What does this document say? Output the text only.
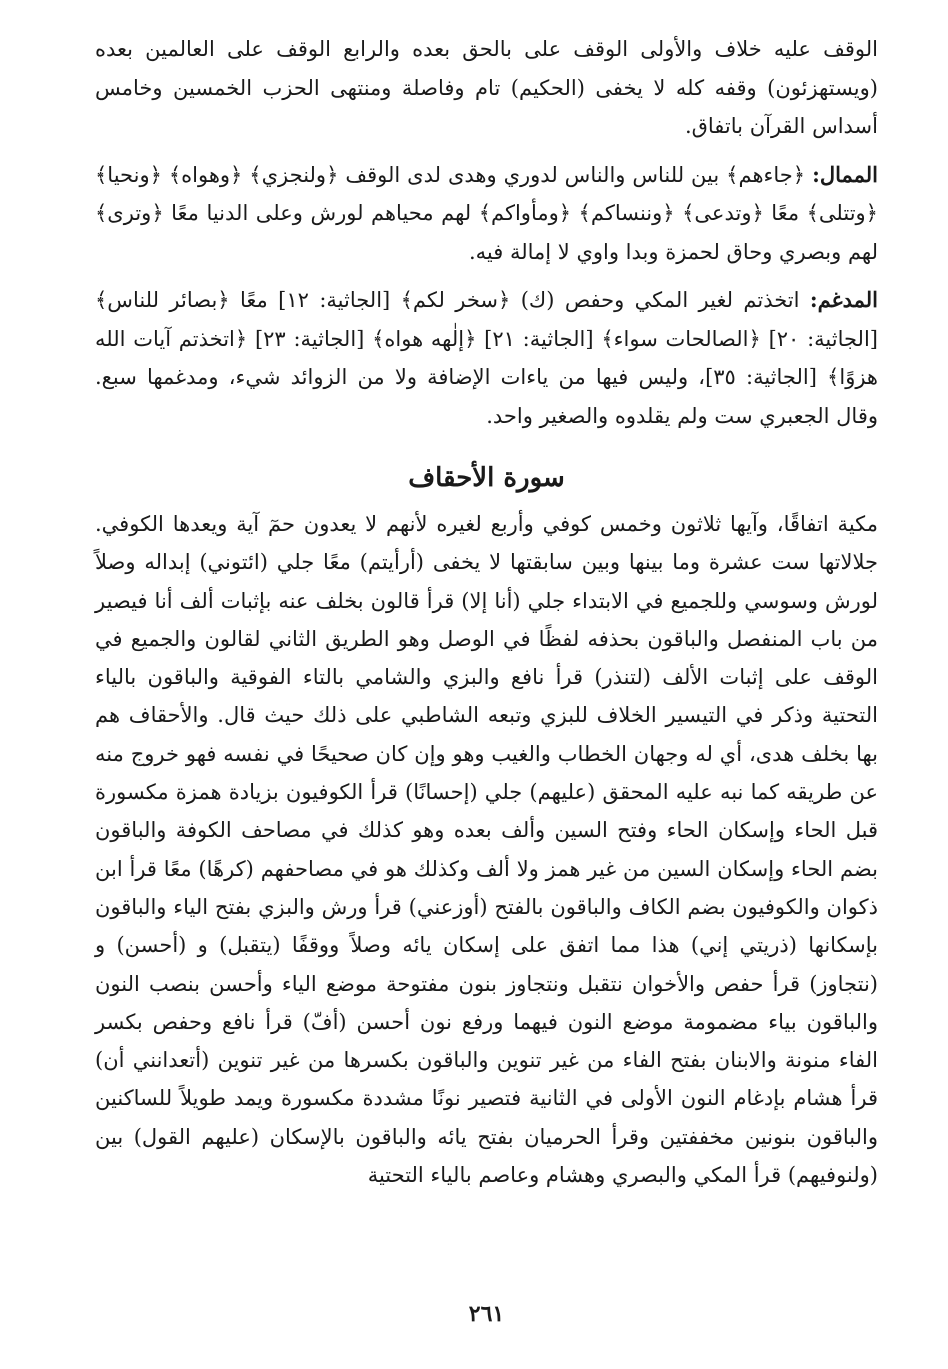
الوقف عليه خلاف والأولى الوقف على بالحق بعده والرابع الوقف على العالمين بعده (ويستهزئون) وقفه كله لا يخفى (الحكيم) تام وفاصلة ومنتهى الحزب الخمسين وخامس أسداس القرآن باتفاق.

الممال: ﴿جاءهم﴾ بين للناس والناس لدوري وهدى لدى الوقف ﴿ولنجزي﴾ ﴿وهواه﴾ ﴿ونحيا﴾ ﴿وتتلى﴾ معًا ﴿وتدعى﴾ ﴿وننساكم﴾ ﴿ومأواكم﴾ لهم محياهم لورش وعلى الدنيا معًا ﴿وترى﴾ لهم وبصري وحاق لحمزة وبدا واوي لا إمالة فيه.

المدغم: اتخذتم لغير المكي وحفص (ك) ﴿سخر لكم﴾ [الجاثية: ١٢] معًا ﴿بصائر للناس﴾ [الجاثية: ٢٠] ﴿الصالحات سواء﴾ [الجاثية: ٢١] ﴿إلٰهه هواه﴾ [الجاثية: ٢٣] ﴿اتخذتم آيات الله هزوًا﴾ [الجاثية: ٣٥]، وليس فيها من ياءات الإضافة ولا من الزوائد شيء، ومدغمها سبع. وقال الجعبري ست ولم يقلدوه والصغير واحد.

سورة الأحقاف

مكية اتفاقًا، وآيها ثلاثون وخمس كوفي وأربع لغيره لأنهم لا يعدون حمٓ آية ويعدها الكوفي. جلالاتها ست عشرة وما بينها وبين سابقتها لا يخفى (أرأيتم) معًا جلي (ائتوني) إبداله وصلاً لورش وسوسي وللجميع في الابتداء جلي (أنا إلا) قرأ قالون بخلف عنه بإثبات ألف أنا فيصير من باب المنفصل والباقون بحذفه لفظًا في الوصل وهو الطريق الثاني لقالون والجميع في الوقف على إثبات الألف (لتنذر) قرأ نافع والبزي والشامي بالتاء الفوقية والباقون بالياء التحتية وذكر في التيسير الخلاف للبزي وتبعه الشاطبي على ذلك حيث قال. والأحقاف هم بها بخلف هدى، أي له وجهان الخطاب والغيب وهو وإن كان صحيحًا في نفسه فهو خروج منه عن طريقه كما نبه عليه المحقق (عليهم) جلي (إحسانًا) قرأ الكوفيون بزيادة همزة مكسورة قبل الحاء وإسكان الحاء وفتح السين وألف بعده وهو كذلك في مصاحف الكوفة والباقون بضم الحاء وإسكان السين من غير همز ولا ألف وكذلك هو في مصاحفهم (كرهًا) معًا قرأ ابن ذكوان والكوفيون بضم الكاف والباقون بالفتح (أوزعني) قرأ ورش والبزي بفتح الياء والباقون بإسكانها (ذريتي إني) هذا مما اتفق على إسكان يائه وصلاً ووقفًا (يتقبل) و (أحسن) و (نتجاوز) قرأ حفص والأخوان نتقبل ونتجاوز بنون مفتوحة موضع الياء وأحسن بنصب النون والباقون بياء مضمومة موضع النون فيهما ورفع نون أحسن (أفّ) قرأ نافع وحفص بكسر الفاء منونة والابنان بفتح الفاء من غير تنوين والباقون بكسرها من غير تنوين (أتعدانني أن) قرأ هشام بإدغام النون الأولى في الثانية فتصير نونًا مشددة مكسورة ويمد طويلاً للساكنين والباقون بنونين مخففتين وقرأ الحرميان بفتح يائه والباقون بالإسكان (عليهم القول) بين (ولنوفيهم) قرأ المكي والبصري وهشام وعاصم بالياء التحتية

٢٦١
